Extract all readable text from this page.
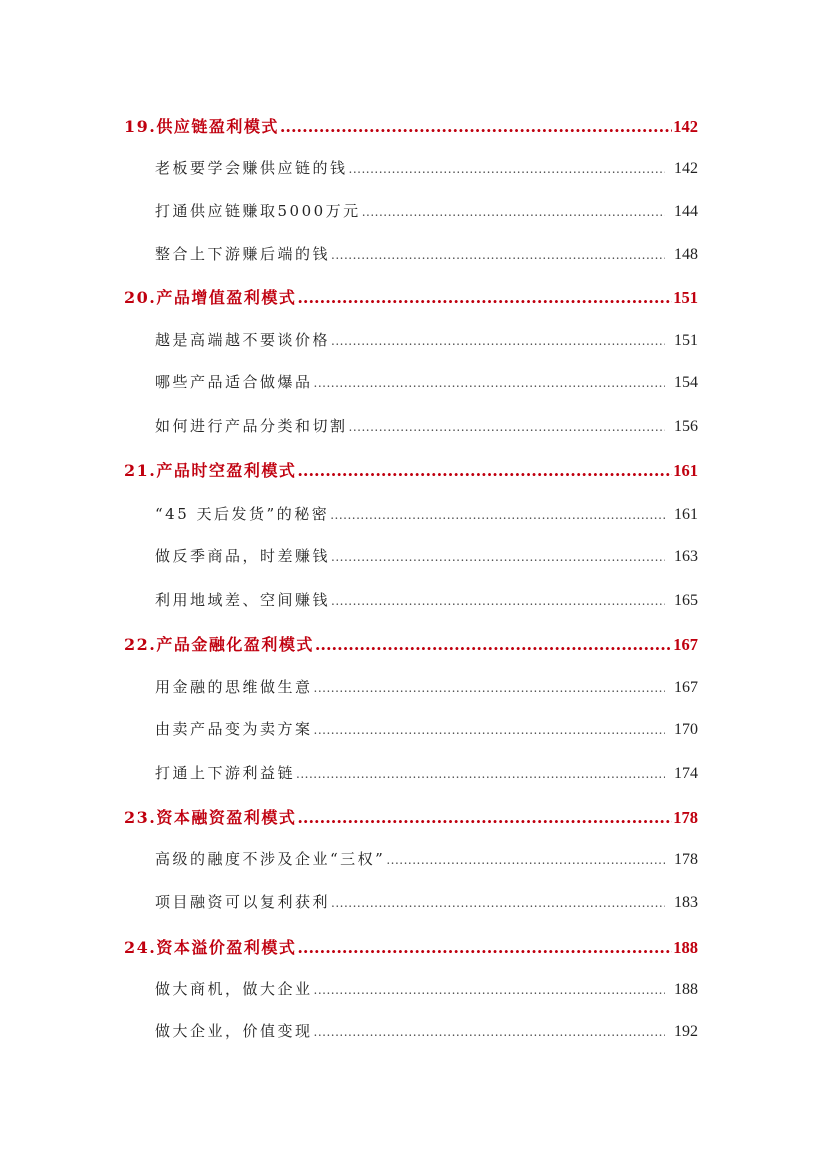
19.供应链盈利模式 .....	142
老板要学会赚供应链的钱 .....	142
打通供应链赚取5000万元 .....	144
整合上下游赚后端的钱 .....	148
20.产品增值盈利模式 .....	151
越是高端越不要谈价格 .....	151
哪些产品适合做爆品 .....	154
如何进行产品分类和切割 .....	156
21.产品时空盈利模式 .....	161
“45 天后发货”的秘密 .....	161
做反季商品，时差赚钱 .....	163
利用地域差、空间赚钱 .....	165
22.产品金融化盈利模式 .....	167
用金融的思维做生意 .....	167
由卖产品变为卖方案 .....	170
打通上下游利益链 .....	174
23.资本融资盈利模式 .....	178
高级的融度不涉及企业“三权” .....	178
项目融资可以复利获利 .....	183
24.资本溢价盈利模式 .....	188
做大商机，做大企业 .....	188
做大企业，价值变现 .....	192
